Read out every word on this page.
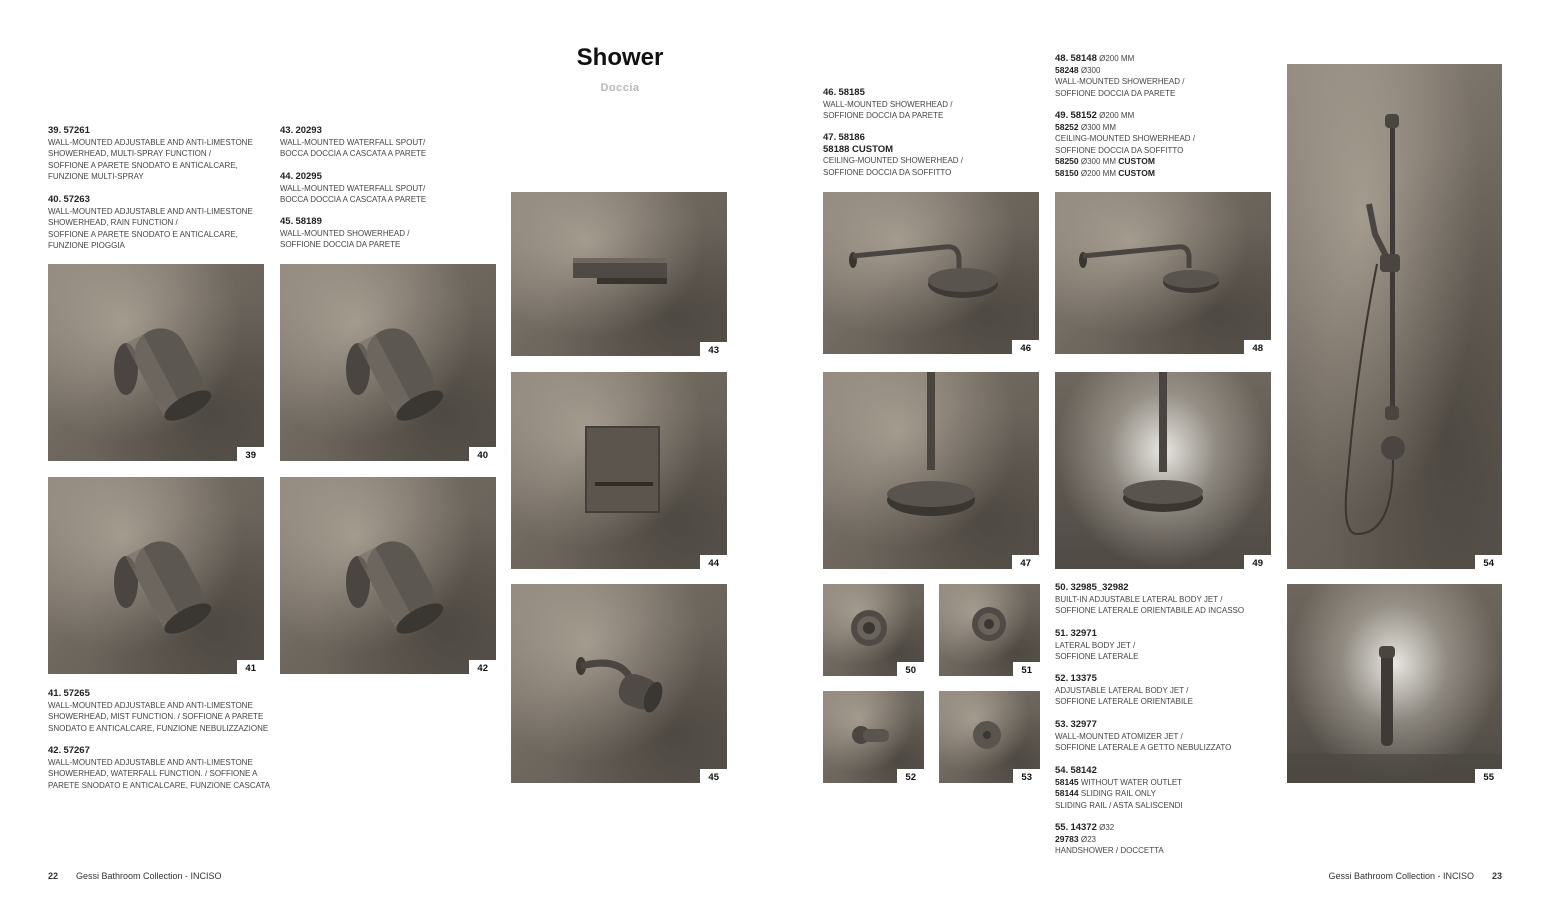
Shower
Doccia
39. 57261
WALL-MOUNTED ADJUSTABLE AND ANTI-LIMESTONE
SHOWERHEAD, MULTI-SPRAY FUNCTION /
SOFFIONE A PARETE SNODATO E ANTICALCARE,
FUNZIONE MULTI-SPRAY
40. 57263
WALL-MOUNTED ADJUSTABLE AND ANTI-LIMESTONE
SHOWERHEAD, RAIN FUNCTION /
SOFFIONE A PARETE SNODATO E ANTICALCARE,
FUNZIONE PIOGGIA
41. 57265
WALL-MOUNTED ADJUSTABLE AND ANTI-LIMESTONE
SHOWERHEAD, MIST FUNCTION. / SOFFIONE A PARETE
SNODATO E ANTICALCARE, FUNZIONE NEBULIZZAZIONE
42. 57267
WALL-MOUNTED ADJUSTABLE AND ANTI-LIMESTONE
SHOWERHEAD, WATERFALL FUNCTION. / SOFFIONE A
PARETE SNODATO E ANTICALCARE, FUNZIONE CASCATA
43. 20293
WALL-MOUNTED WATERFALL SPOUT/
BOCCA DOCCIA A CASCATA A PARETE
44. 20295
WALL-MOUNTED WATERFALL SPOUT/
BOCCA DOCCIA A CASCATA A PARETE
45. 58189
WALL-MOUNTED SHOWERHEAD /
SOFFIONE DOCCIA DA PARETE
46. 58185
WALL-MOUNTED SHOWERHEAD /
SOFFIONE DOCCIA DA PARETE
47. 58186
58188 CUSTOM
CEILING-MOUNTED SHOWERHEAD /
SOFFIONE DOCCIA DA SOFFITTO
48. 58148 Ø200 MM
58248 Ø300
WALL-MOUNTED SHOWERHEAD /
SOFFIONE DOCCIA DA PARETE
49. 58152 Ø200 MM
58252 Ø300 MM
CEILING-MOUNTED SHOWERHEAD /
SOFFIONE DOCCIA DA SOFFITTO
58250 Ø300 MM CUSTOM
58150 Ø200 MM CUSTOM
50. 32985_32982
BUILT-IN ADJUSTABLE LATERAL BODY JET /
SOFFIONE LATERALE ORIENTABILE AD INCASSO
51. 32971
LATERAL BODY JET /
SOFFIONE LATERALE
52. 13375
ADJUSTABLE LATERAL BODY JET /
SOFFIONE LATERALE ORIENTABILE
53. 32977
WALL-MOUNTED ATOMIZER JET /
SOFFIONE LATERALE A GETTO NEBULIZZATO
54. 58142
58145 WITHOUT WATER OUTLET
58144 SLIDING RAIL ONLY
SLIDING RAIL / ASTA SALISCENDI
55. 14372 Ø32
29783 Ø23
HANDSHOWER / DOCCETTA
39	40
41	42
43
44
45
46
47
48
49
50	51
52	53
54
55
22 Gessi Bathroom Collection - INCISO	Gessi Bathroom Collection - INCISO 23
